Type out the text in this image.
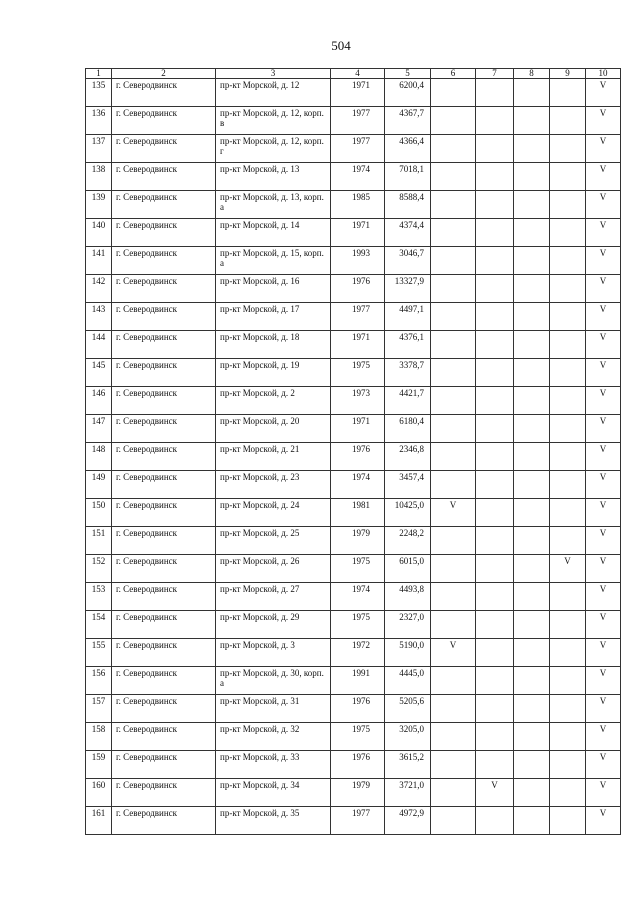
504
1	2	3	4	5	6	7	8	9	10
135	г. Северодвинск	пр-кт Морской, д. 12	1971	6200,4					V
136	г. Северодвинск	пр-кт Морской, д. 12, корп. в	1977	4367,7					V
137	г. Северодвинск	пр-кт Морской, д. 12, корп. г	1977	4366,4					V
138	г. Северодвинск	пр-кт Морской, д. 13	1974	7018,1					V
139	г. Северодвинск	пр-кт Морской, д. 13, корп. а	1985	8588,4					V
140	г. Северодвинск	пр-кт Морской, д. 14	1971	4374,4					V
141	г. Северодвинск	пр-кт Морской, д. 15, корп. а	1993	3046,7					V
142	г. Северодвинск	пр-кт Морской, д. 16	1976	13327,9					V
143	г. Северодвинск	пр-кт Морской, д. 17	1977	4497,1					V
144	г. Северодвинск	пр-кт Морской, д. 18	1971	4376,1					V
145	г. Северодвинск	пр-кт Морской, д. 19	1975	3378,7					V
146	г. Северодвинск	пр-кт Морской, д. 2	1973	4421,7					V
147	г. Северодвинск	пр-кт Морской, д. 20	1971	6180,4					V
148	г. Северодвинск	пр-кт Морской, д. 21	1976	2346,8					V
149	г. Северодвинск	пр-кт Морской, д. 23	1974	3457,4					V
150	г. Северодвинск	пр-кт Морской, д. 24	1981	10425,0	V				V
151	г. Северодвинск	пр-кт Морской, д. 25	1979	2248,2					V
152	г. Северодвинск	пр-кт Морской, д. 26	1975	6015,0				V	V
153	г. Северодвинск	пр-кт Морской, д. 27	1974	4493,8					V
154	г. Северодвинск	пр-кт Морской, д. 29	1975	2327,0					V
155	г. Северодвинск	пр-кт Морской, д. 3	1972	5190,0	V				V
156	г. Северодвинск	пр-кт Морской, д. 30, корп. а	1991	4445,0					V
157	г. Северодвинск	пр-кт Морской, д. 31	1976	5205,6					V
158	г. Северодвинск	пр-кт Морской, д. 32	1975	3205,0					V
159	г. Северодвинск	пр-кт Морской, д. 33	1976	3615,2					V
160	г. Северодвинск	пр-кт Морской, д. 34	1979	3721,0		V			V
161	г. Северодвинск	пр-кт Морской, д. 35	1977	4972,9					V
